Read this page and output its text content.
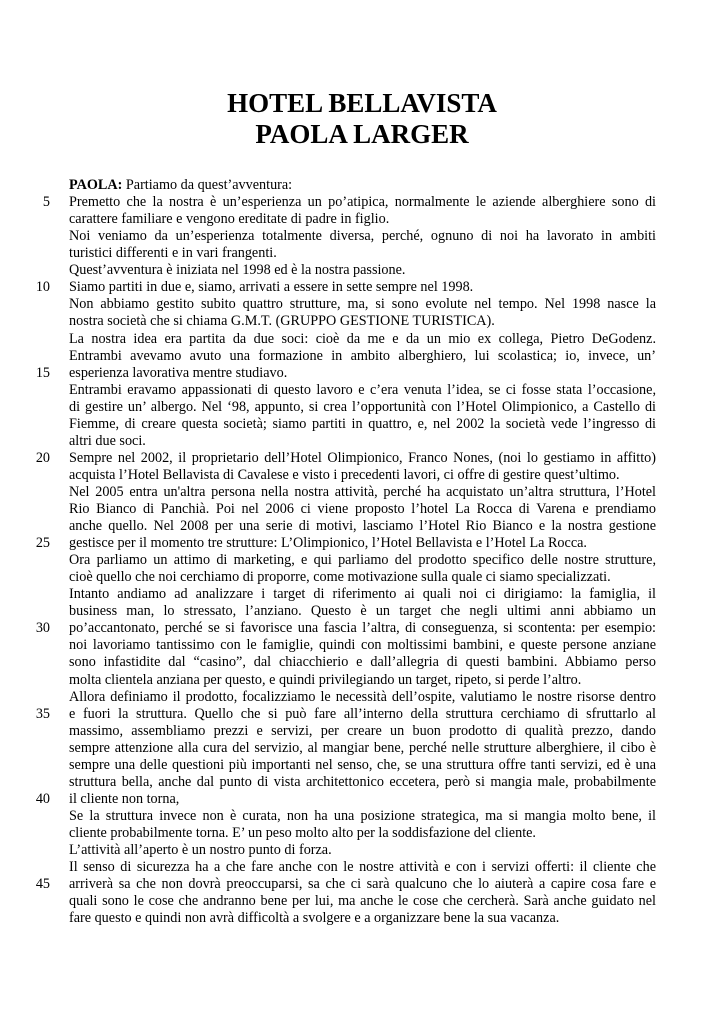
HOTEL BELLAVISTA
PAOLA LARGER
PAOLA: Partiamo da quest’avventura:
Premetto che la nostra è un’esperienza un po’atipica, normalmente le aziende alberghiere sono di
carattere familiare e vengono ereditate di padre in figlio.
Noi veniamo da un’esperienza totalmente diversa, perché, ognuno di noi ha lavorato in ambiti
turistici differenti e in vari frangenti.
Quest’avventura è iniziata nel 1998 ed è la nostra passione.
Siamo partiti in due e, siamo, arrivati a essere in sette sempre nel 1998.
Non abbiamo gestito subito quattro strutture, ma, si sono evolute nel tempo. Nel 1998 nasce la
nostra società che si chiama G.M.T. (GRUPPO GESTIONE TURISTICA).
La nostra idea era partita da due soci: cioè da me e da un mio ex collega, Pietro DeGodenz.
Entrambi avevamo avuto una formazione in ambito alberghiero, lui scolastica; io, invece, un’
esperienza lavorativa mentre studiavo.
Entrambi eravamo appassionati di questo lavoro e c’era venuta l’idea, se ci fosse stata l’occasione,
di gestire un’ albergo. Nel ‘98, appunto, si crea l’opportunità con l’Hotel Olimpionico, a Castello di
Fiemme, di creare questa società; siamo partiti in quattro, e, nel 2002 la società vede l’ingresso di
altri due soci.
Sempre nel 2002, il proprietario dell’Hotel Olimpionico, Franco Nones, (noi lo gestiamo in affitto)
acquista l’Hotel Bellavista di Cavalese e visto i precedenti lavori, ci offre di gestire quest’ultimo.
Nel 2005 entra un'altra persona nella nostra attività, perché ha acquistato un’altra struttura, l’Hotel
Rio Bianco di Panchià. Poi nel 2006 ci viene proposto l’hotel La Rocca di Varena e prendiamo
anche quello. Nel 2008 per una serie di motivi, lasciamo l’Hotel Rio Bianco e la nostra gestione
gestisce per il momento tre strutture: L’Olimpionico, l’Hotel Bellavista e l’Hotel La Rocca.
Ora parliamo un attimo di marketing, e qui parliamo del prodotto specifico delle nostre strutture,
cioè quello che noi cerchiamo di proporre, come motivazione sulla quale ci siamo specializzati.
Intanto andiamo ad analizzare i target di riferimento ai quali noi ci dirigiamo: la famiglia, il
business man, lo stressato, l’anziano. Questo è un target che negli ultimi anni abbiamo un
po’accantonato, perché se si favorisce una fascia l’altra, di conseguenza, si scontenta: per esempio:
noi lavoriamo tantissimo con le famiglie, quindi con moltissimi bambini, e queste persone anziane
sono infastidite dal “casino”, dal chiacchierio e dall’allegria di questi bambini. Abbiamo perso
molta clientela anziana per questo, e quindi privilegiando un target, ripeto, si perde l’altro.
Allora definiamo il prodotto, focalizziamo le necessità dell’ospite, valutiamo le nostre risorse dentro
e fuori la struttura. Quello che si può fare all’interno della struttura cerchiamo di sfruttarlo al
massimo, assembliamo prezzi e servizi, per creare un buon prodotto di qualità prezzo, dando
sempre attenzione alla cura del servizio, al mangiar bene, perché nelle strutture alberghiere, il cibo è
sempre una delle questioni più importanti nel senso, che, se una struttura offre tanti servizi, ed è una
struttura bella, anche dal punto di vista architettonico eccetera, però si mangia male, probabilmente
il cliente non torna,
Se la struttura invece non è curata, non ha una posizione strategica, ma si mangia molto bene, il
cliente probabilmente torna. E’ un peso molto alto per la soddisfazione del cliente.
L’attività all’aperto è un nostro punto di forza.
Il senso di sicurezza ha a che fare anche con le nostre attività e con i servizi offerti: il cliente che
arriverà sa che non dovrà preoccuparsi, sa che ci sarà qualcuno che lo aiuterà a capire cosa fare e
quali sono le cose che andranno bene per lui, ma anche le cose che cercherà. Sarà anche guidato nel
fare questo e quindi non avrà difficoltà a svolgere e a organizzare bene la sua vacanza.
5
10
15
20
25
30
35
40
45
